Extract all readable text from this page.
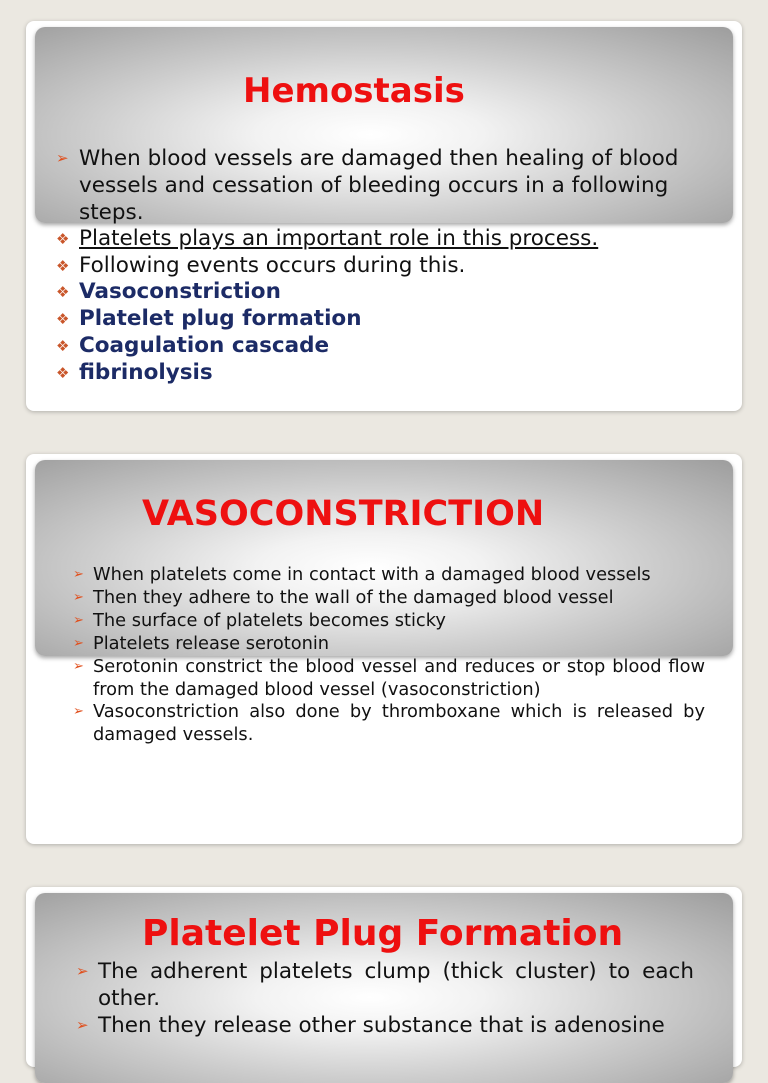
Hemostasis
➢ When blood vessels are damaged then healing of blood vessels and cessation of bleeding occurs in a following steps.
❖ Platelets plays an important role in this process.
❖ Following events occurs during this.
❖ Vasoconstriction
❖ Platelet plug formation
❖ Coagulation cascade
❖ fibrinolysis
VASOCONSTRICTION
➢ When platelets come in contact with a damaged blood vessels
➢ Then they adhere to the wall of the damaged blood vessel
➢ The surface of platelets becomes sticky
➢ Platelets release serotonin
➢ Serotonin constrict the blood vessel and reduces or stop blood flow from the damaged blood vessel (vasoconstriction)
➢ Vasoconstriction also done by thromboxane which is released by damaged vessels.
Platelet Plug Formation
➢ The adherent platelets clump (thick cluster) to each other.
➢ Then they release other substance that is adenosine
